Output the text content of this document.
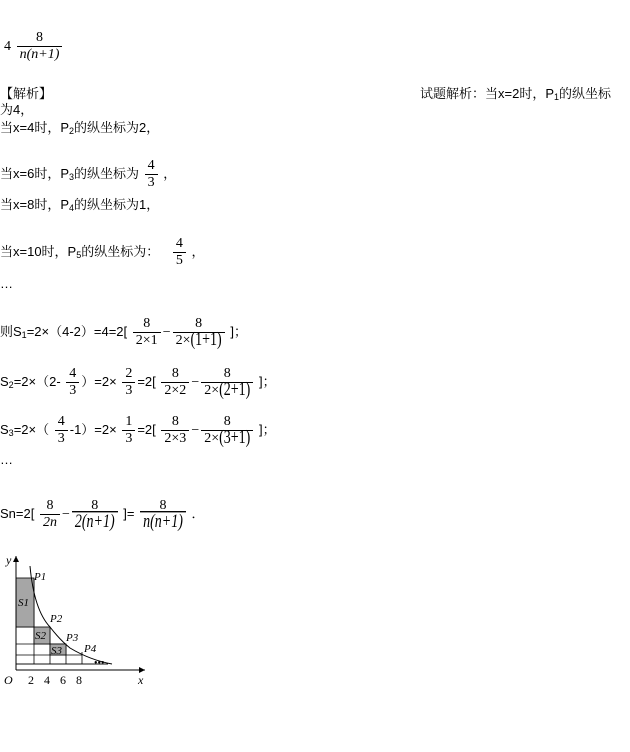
$4 \frac{8}{n(n+1)}$
【解析】	试题解析：当x=2时，$P_1$的纵坐标
为4，
当x=4时，$P_2$的纵坐标为2，
当x=6时，$P_3$的纵坐标为 $\frac{4}{3}$ ，
当x=8时，$P_4$的纵坐标为1，
当x=10时，$P_5$的纵坐标为： $\frac{4}{5}$ ，
…
则$S_1=2\times(4-2)=4=2[ \frac{8}{2\times 1} - \frac{8}{2\times(1+1)}$ ]；
$S_2=2\times(2- \frac{4}{3} )=2\times \frac{2}{3} =2[ \frac{8}{2\times 2} - \frac{8}{2\times(2+1)}$ ]；
$S_3=2\times( \frac{4}{3} -1)=2\times \frac{1}{3} =2[ \frac{8}{2\times 3} - \frac{8}{2\times(3+1)}$ ]；
…
$Sn=2[ \frac{8}{2n} - \frac{8}{2(n+1)}$ ]= $\frac{8}{n(n+1)}$ ．
y
x
O 2 4 6 8
P1
P2
P3
P4
S1
S2
S3
•••
